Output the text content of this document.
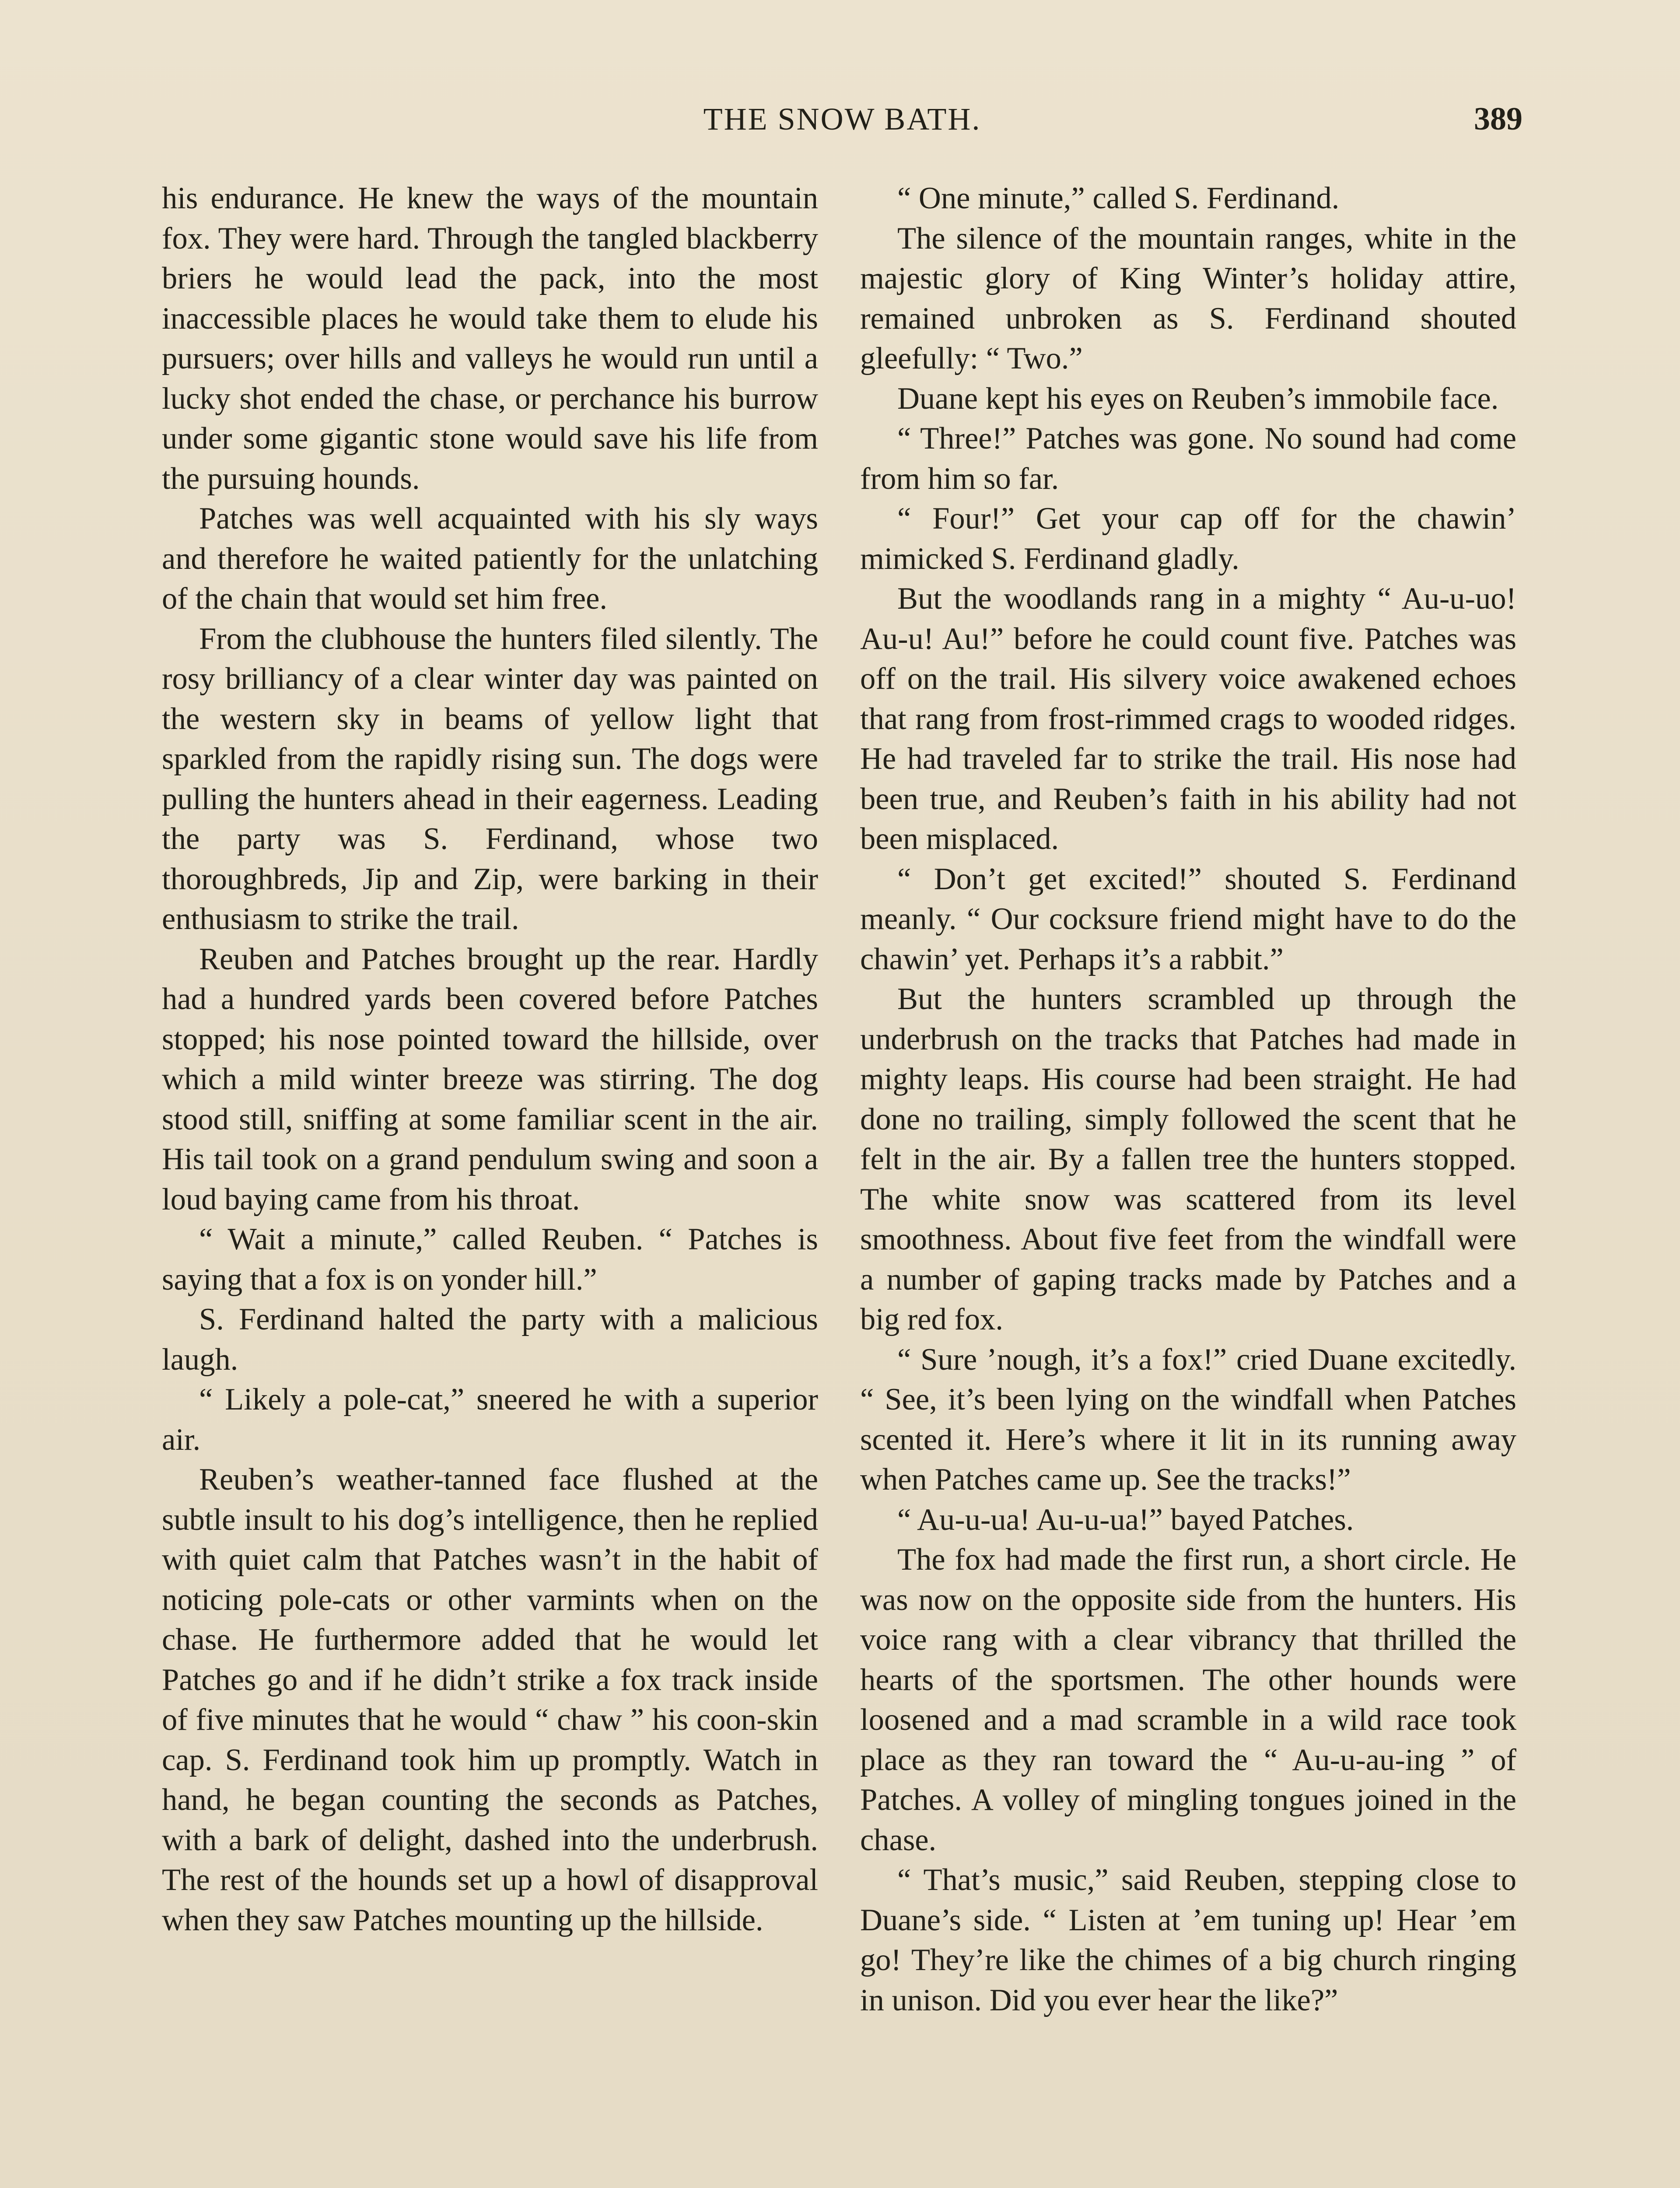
THE SNOW BATH.	389

his endurance. He knew the ways of the mountain fox. They were hard. Through the tangled blackberry briers he would lead the pack, into the most inaccessible places he would take them to elude his pursuers; over hills and valleys he would run until a lucky shot ended the chase, or perchance his burrow under some gigantic stone would save his life from the pursuing hounds.

Patches was well acquainted with his sly ways and therefore he waited patiently for the unlatching of the chain that would set him free.

From the clubhouse the hunters filed silently. The rosy brilliancy of a clear winter day was painted on the western sky in beams of yellow light that sparkled from the rapidly rising sun. The dogs were pulling the hunters ahead in their eagerness. Leading the party was S. Ferdinand, whose two thoroughbreds, Jip and Zip, were barking in their enthusiasm to strike the trail.

Reuben and Patches brought up the rear. Hardly had a hundred yards been covered before Patches stopped; his nose pointed toward the hillside, over which a mild winter breeze was stirring. The dog stood still, sniffing at some familiar scent in the air. His tail took on a grand pendulum swing and soon a loud baying came from his throat.

“ Wait a minute,” called Reuben. “ Patches is saying that a fox is on yonder hill.”

S. Ferdinand halted the party with a malicious laugh.

“ Likely a pole-cat,” sneered he with a superior air.

Reuben’s weather-tanned face flushed at the subtle insult to his dog’s intelligence, then he replied with quiet calm that Patches wasn’t in the habit of noticing pole-cats or other varmints when on the chase. He furthermore added that he would let Patches go and if he didn’t strike a fox track inside of five minutes that he would “ chaw ” his coon-skin cap. S. Ferdinand took him up promptly. Watch in hand, he began counting the seconds as Patches, with a bark of delight, dashed into the underbrush. The rest of the hounds set up a howl of disapproval when they saw Patches mounting up the hillside.

“ One minute,” called S. Ferdinand.

The silence of the mountain ranges, white in the majestic glory of King Winter’s holiday attire, remained unbroken as S. Ferdinand shouted gleefully: “ Two.”

Duane kept his eyes on Reuben’s immobile face.

“ Three!” Patches was gone. No sound had come from him so far.

“ Four!” Get your cap off for the chawin’ mimicked S. Ferdinand gladly.

But the woodlands rang in a mighty “ Au-u-uo! Au-u! Au!” before he could count five. Patches was off on the trail. His silvery voice awakened echoes that rang from frost-rimmed crags to wooded ridges. He had traveled far to strike the trail. His nose had been true, and Reuben’s faith in his ability had not been misplaced.

“ Don’t get excited!” shouted S. Ferdinand meanly. “ Our cocksure friend might have to do the chawin’ yet. Perhaps it’s a rabbit.”

But the hunters scrambled up through the underbrush on the tracks that Patches had made in mighty leaps. His course had been straight. He had done no trailing, simply followed the scent that he felt in the air. By a fallen tree the hunters stopped. The white snow was scattered from its level smoothness. About five feet from the windfall were a number of gaping tracks made by Patches and a big red fox.

“ Sure ’nough, it’s a fox!” cried Duane excitedly. “ See, it’s been lying on the windfall when Patches scented it. Here’s where it lit in its running away when Patches came up. See the tracks!”

“ Au-u-ua! Au-u-ua!” bayed Patches.

The fox had made the first run, a short circle. He was now on the opposite side from the hunters. His voice rang with a clear vibrancy that thrilled the hearts of the sportsmen. The other hounds were loosened and a mad scramble in a wild race took place as they ran toward the “ Au-u-au-ing ” of Patches. A volley of mingling tongues joined in the chase.

“ That’s music,” said Reuben, stepping close to Duane’s side. “ Listen at ’em tuning up! Hear ’em go! They’re like the chimes of a big church ringing in unison. Did you ever hear the like?”
